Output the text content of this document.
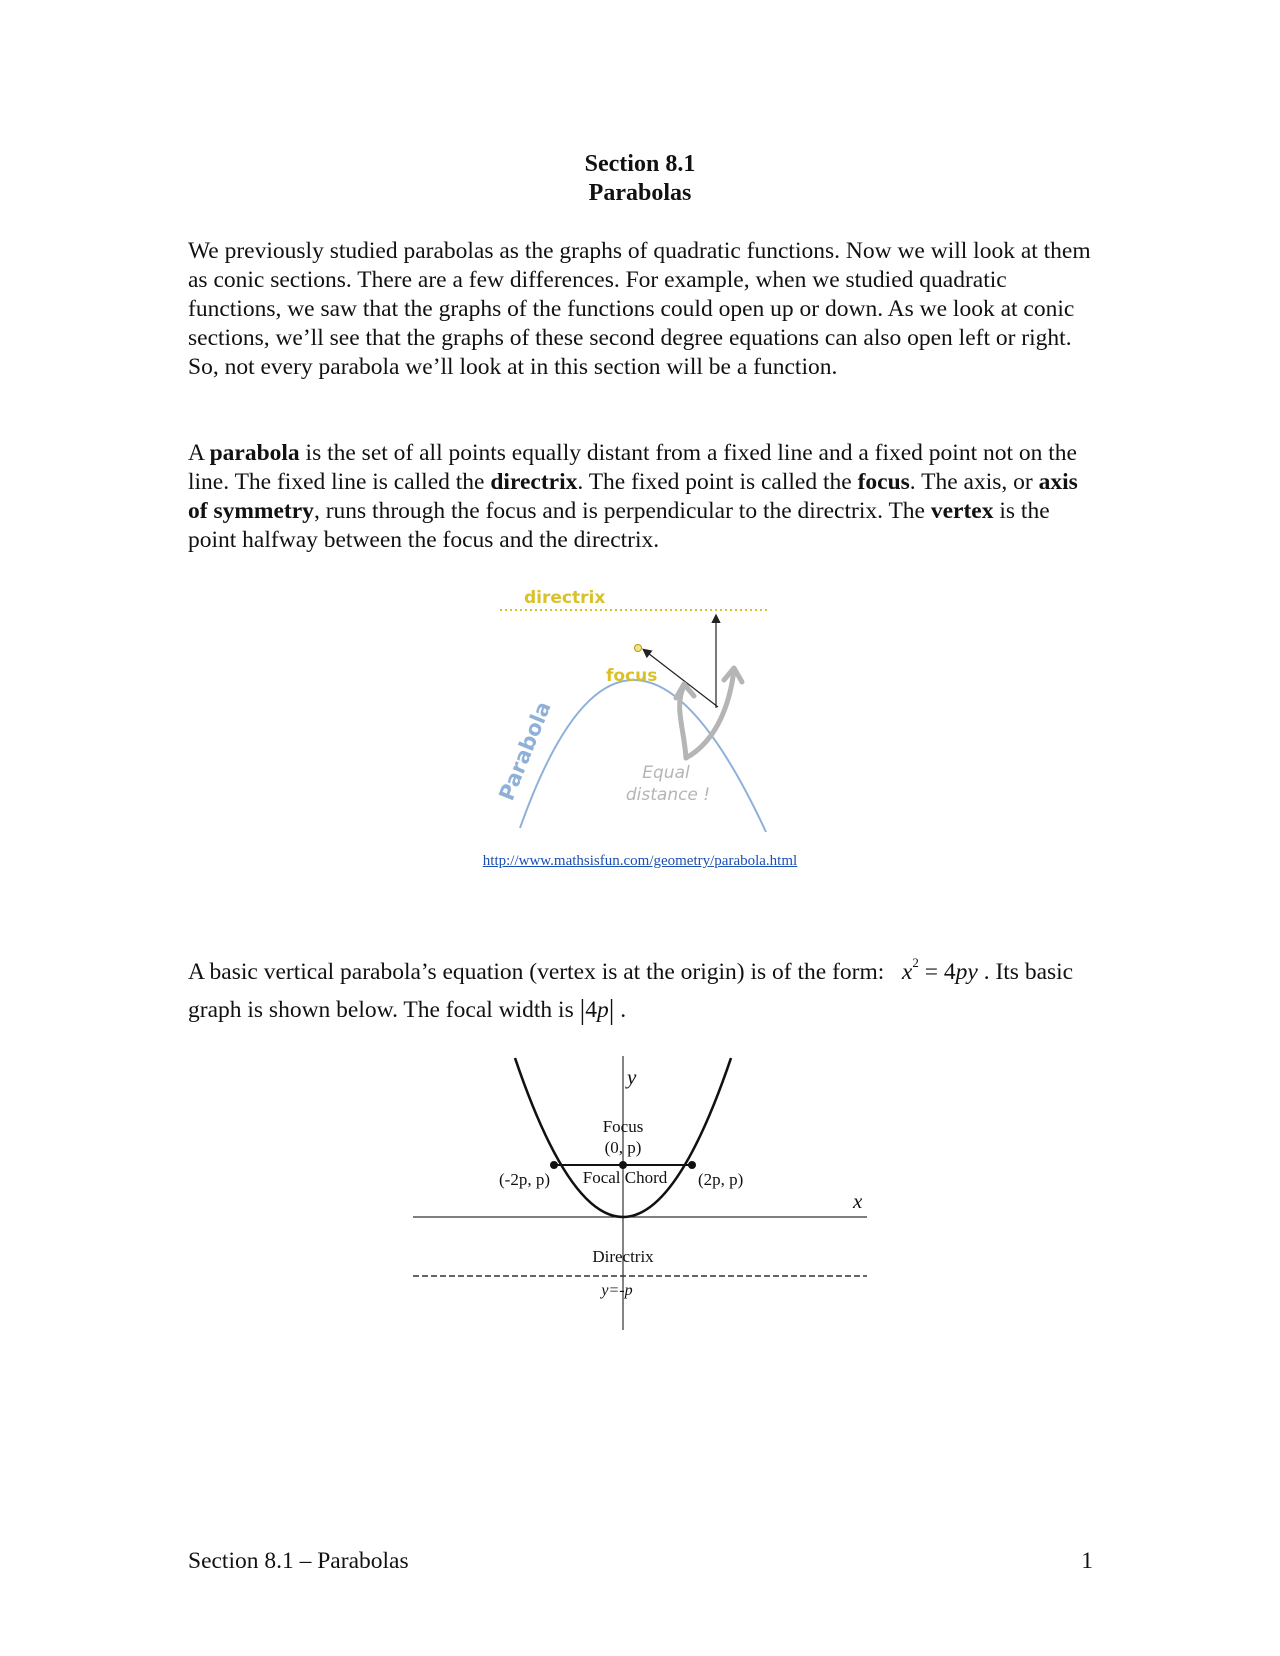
Section 8.1
Parabolas

We previously studied parabolas as the graphs of quadratic functions. Now we will look at them as conic sections. There are a few differences. For example, when we studied quadratic functions, we saw that the graphs of the functions could open up or down. As we look at conic sections, we’ll see that the graphs of these second degree equations can also open left or right. So, not every parabola we’ll look at in this section will be a function.

A parabola is the set of all points equally distant from a fixed line and a fixed point not on the line. The fixed line is called the directrix. The fixed point is called the focus. The axis, or axis of symmetry, runs through the focus and is perpendicular to the directrix. The vertex is the point halfway between the focus and the directrix.

directrix
focus
Equal
distance !
Parabola
http://www.mathsisfun.com/geometry/parabola.html

A basic vertical parabola’s equation (vertex is at the origin) is of the form: $x^2 = 4py$ . Its basic graph is shown below. The focal width is |4p| .

y
x
Focus
(0, p)
(-2p, p) Focal Chord (2p, p)
Directrix
y=-p
Section 8.1 – Parabolas	1
